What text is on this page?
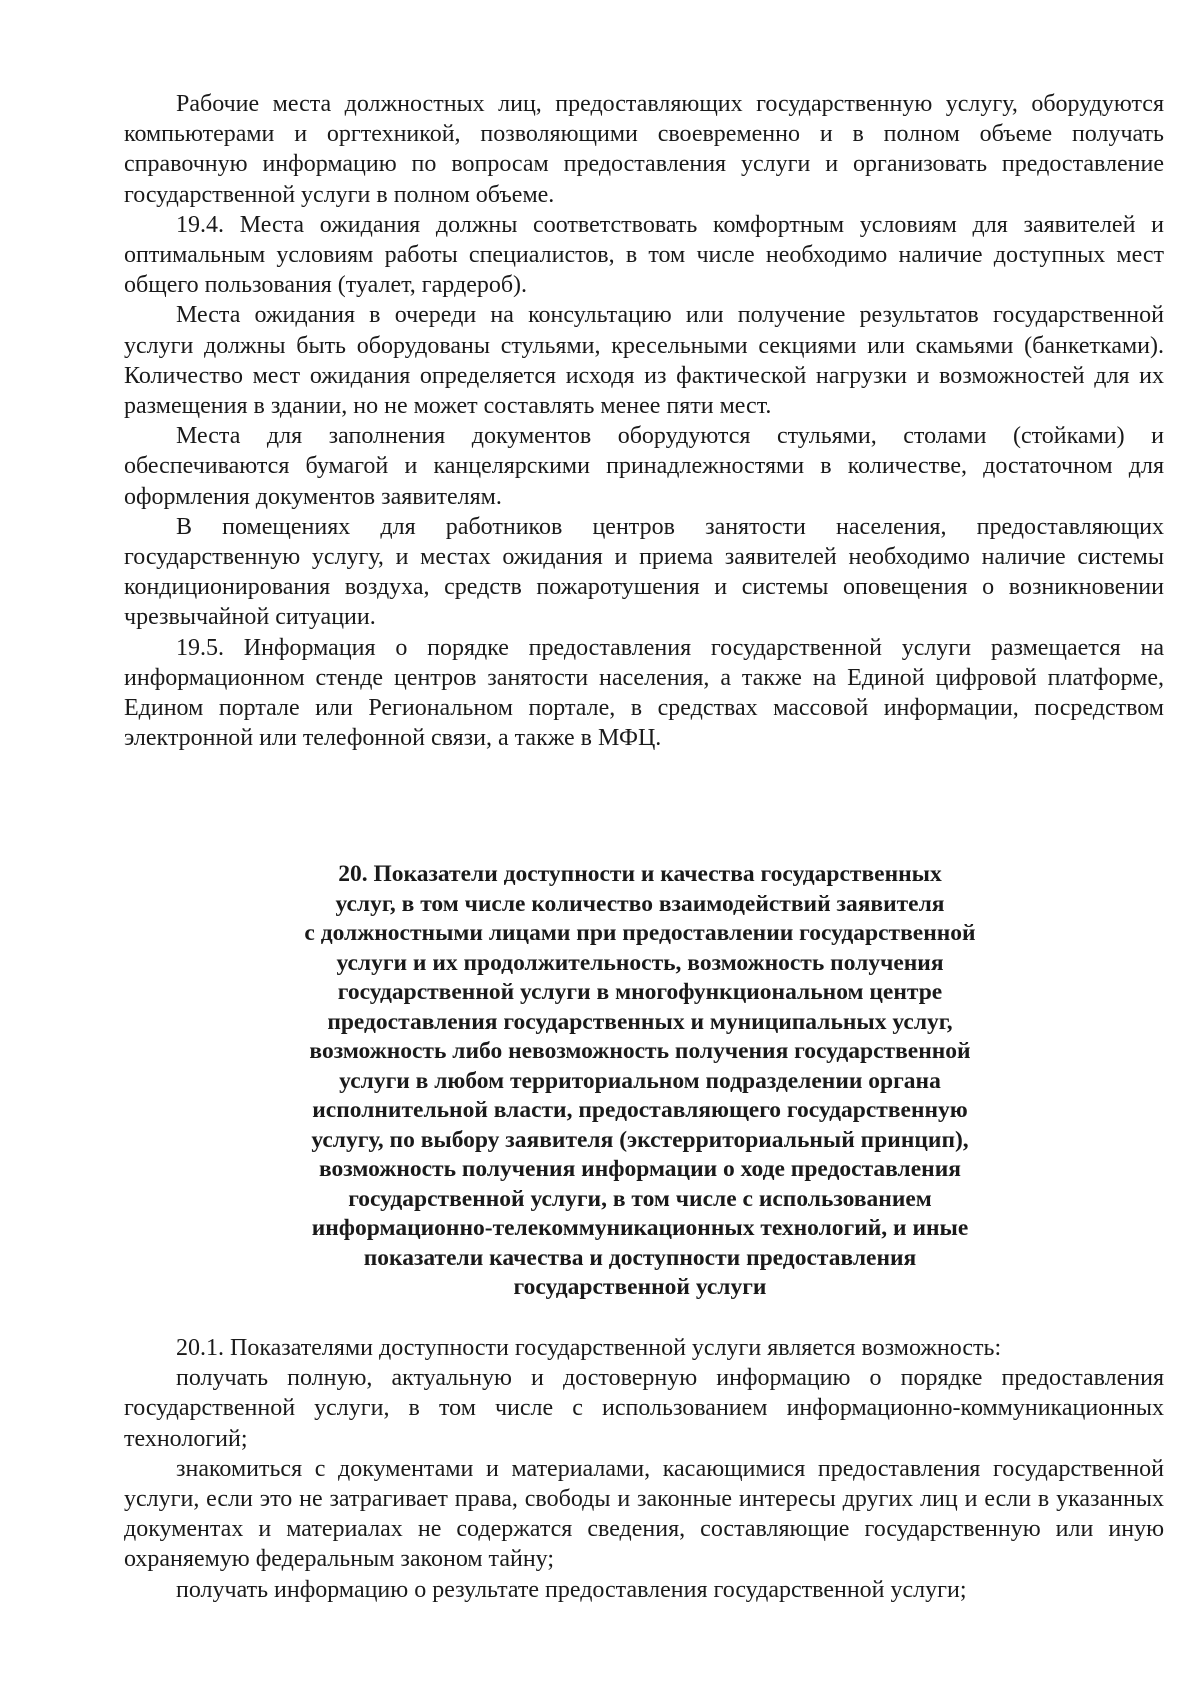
Рабочие места должностных лиц, предоставляющих государственную услугу, оборудуются компьютерами и оргтехникой, позволяющими своевременно и в полном объеме получать справочную информацию по вопросам предоставления услуги и организовать предоставление государственной услуги в полном объеме.

19.4. Места ожидания должны соответствовать комфортным условиям для заявителей и оптимальным условиям работы специалистов, в том числе необходимо наличие доступных мест общего пользования (туалет, гардероб).

Места ожидания в очереди на консультацию или получение результатов государственной услуги должны быть оборудованы стульями, кресельными секциями или скамьями (банкетками). Количество мест ожидания определяется исходя из фактической нагрузки и возможностей для их размещения в здании, но не может составлять менее пяти мест.

Места для заполнения документов оборудуются стульями, столами (стойками) и обеспечиваются бумагой и канцелярскими принадлежностями в количестве, достаточном для оформления документов заявителям.

В помещениях для работников центров занятости населения, предоставляющих государственную услугу, и местах ожидания и приема заявителей необходимо наличие системы кондиционирования воздуха, средств пожаротушения и системы оповещения о возникновении чрезвычайной ситуации.

19.5. Информация о порядке предоставления государственной услуги размещается на информационном стенде центров занятости населения, а также на Единой цифровой платформе, Едином портале или Региональном портале, в средствах массовой информации, посредством электронной или телефонной связи, а также в МФЦ.

20. Показатели доступности и качества государственных
услуг, в том числе количество взаимодействий заявителя
с должностными лицами при предоставлении государственной
услуги и их продолжительность, возможность получения
государственной услуги в многофункциональном центре
предоставления государственных и муниципальных услуг,
возможность либо невозможность получения государственной
услуги в любом территориальном подразделении органа
исполнительной власти, предоставляющего государственную
услугу, по выбору заявителя (экстерриториальный принцип),
возможность получения информации о ходе предоставления
государственной услуги, в том числе с использованием
информационно-телекоммуникационных технологий, и иные
показатели качества и доступности предоставления
государственной услуги

20.1. Показателями доступности государственной услуги является возможность:

получать полную, актуальную и достоверную информацию о порядке предоставления государственной услуги, в том числе с использованием информационно-коммуникационных технологий;

знакомиться с документами и материалами, касающимися предоставления государственной услуги, если это не затрагивает права, свободы и законные интересы других лиц и если в указанных документах и материалах не содержатся сведения, составляющие государственную или иную охраняемую федеральным законом тайну;

получать информацию о результате предоставления государственной услуги;
